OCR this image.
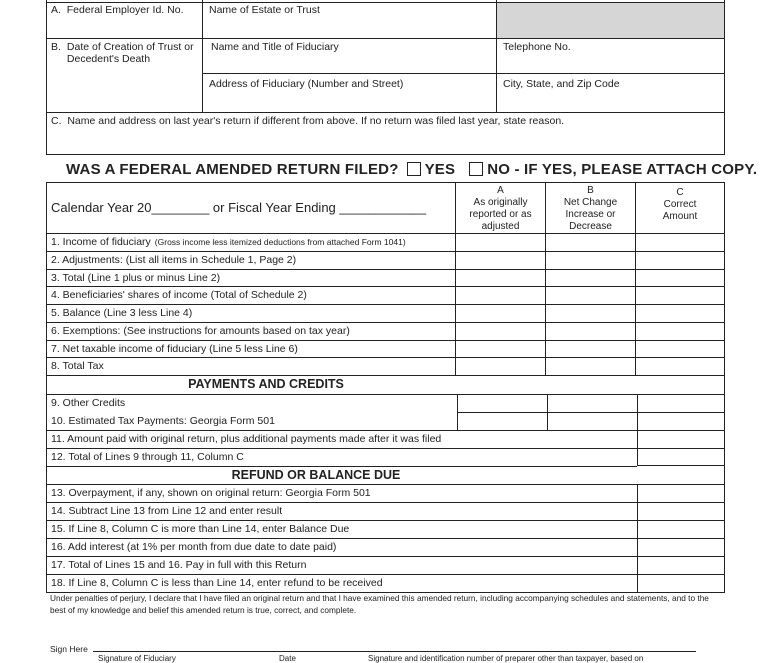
A. Federal Employer Id. No. Name of Estate or Trust
B. Date of Creation of Trust or Decedent's Death
Name and Title of Fiduciary	Telephone No.
Address of Fiduciary (Number and Street)	City, State, and Zip Code
C. Name and address on last year's return if different from above. If no return was filed last year, state reason.
WAS A FEDERAL AMENDED RETURN FILED? YES NO - IF YES, PLEASE ATTACH COPY.
Calendar Year 20________ or Fiscal Year Ending ____________
A
As originally reported or as adjusted
B
Net Change Increase or Decrease
C
Correct Amount
1. Income of fiduciary (Gross income less itemized deductions from attached Form 1041)
2. Adjustments: (List all items in Schedule 1, Page 2)
3. Total (Line 1 plus or minus Line 2)
4. Beneficiaries' shares of income (Total of Schedule 2)
5. Balance (Line 3 less Line 4)
6. Exemptions: (See instructions for amounts based on tax year)
7. Net taxable income of fiduciary (Line 5 less Line 6)
8. Total Tax
PAYMENTS AND CREDITS
9. Other Credits
10. Estimated Tax Payments: Georgia Form 501
11. Amount paid with original return, plus additional payments made after it was filed
12. Total of Lines 9 through 11, Column C
REFUND OR BALANCE DUE
13. Overpayment, if any, shown on original return: Georgia Form 501
14. Subtract Line 13 from Line 12 and enter result
15. If Line 8, Column C is more than Line 14, enter Balance Due
16. Add interest (at 1% per month from due date to date paid)
17. Total of Lines 15 and 16. Pay in full with this Return
18. If Line 8, Column C is less than Line 14, enter refund to be received
Under penalties of perjury, I declare that I have filed an original return and that I have examined this amended return, including accompanying schedules and statements, and to the best of my knowledge and belief this amended return is true, correct, and complete.
Sign Here
Signature of Fiduciary	Date	Signature and identification number of preparer other than taxpayer, based on
